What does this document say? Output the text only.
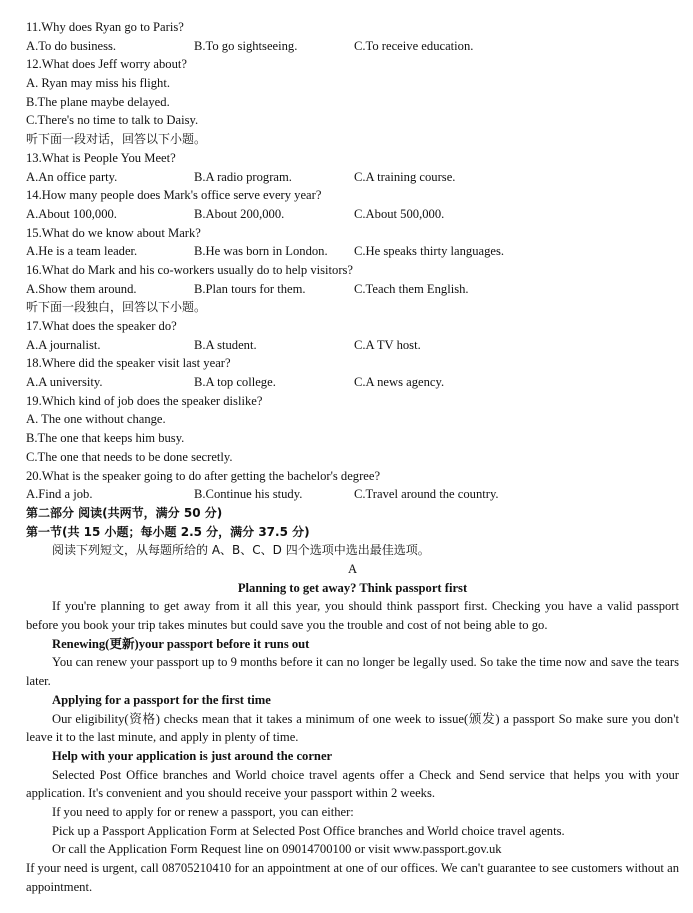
11.Why does Ryan go to Paris?
A.To do business.	B.To go sightseeing.	C.To receive education.
12.What does Jeff worry about?
A. Ryan may miss his flight.
B.The plane maybe delayed.
C.There's no time to talk to Daisy.
听下面一段对话，回答以下小题。
13.What is People You Meet?
A.An office party.	B.A radio program.	C.A training course.
14.How many people does Mark's office serve every year?
A.About 100,000.	B.About 200,000.	C.About 500,000.
15.What do we know about Mark?
A.He is a team leader.	B.He was born in London. C.He speaks thirty languages.
16.What do Mark and his co-workers usually do to help visitors?
A.Show them around.	B.Plan tours for them.	C.Teach them English.
听下面一段独白，回答以下小题。
17.What does the speaker do?
A.A journalist.	B.A student.	C.A TV host.
18.Where did the speaker visit last year?
A.A university.	B.A top college.	C.A news agency.
19.Which kind of job does the speaker dislike?
A. The one without change.
B.The one that keeps him busy.
C.The one that needs to be done secretly.
20.What is the speaker going to do after getting the bachelor's degree?
A.Find a job.	B.Continue his study.	C.Travel around the country.
第二部分 阅读(共两节，满分 50 分)
第一节(共 15 小题；每小题 2.5 分，满分 37.5 分)
阅读下列短文，从每题所给的 A、B、C、D 四个选项中选出最佳选项。
A
Planning to get away? Think passport first
If you're planning to get away from it all this year, you should think passport first. Checking you have a valid passport before you book your trip takes minutes but could save you the trouble and cost of not being able to go.
Renewing(更新)your passport before it runs out
You can renew your passport up to 9 months before it can no longer be legally used. So take the time now and save the tears later.
Applying for a passport for the first time
Our eligibility(资格) checks mean that it takes a minimum of one week to issue(颁发) a passport So make sure you don't leave it to the last minute, and apply in plenty of time.
Help with your application is just around the corner
Selected Post Office branches and World choice travel agents offer a Check and Send service that helps you with your application. It's convenient and you should receive your passport within 2 weeks.
If you need to apply for or renew a passport, you can either:
Pick up a Passport Application Form at Selected Post Office branches and World choice travel agents.
Or call the Application Form Request line on 09014700100 or visit www.passport.gov.uk
If your need is urgent, call 08705210410 for an appointment at one of our offices. We can't guarantee to see customers without an appointment.
